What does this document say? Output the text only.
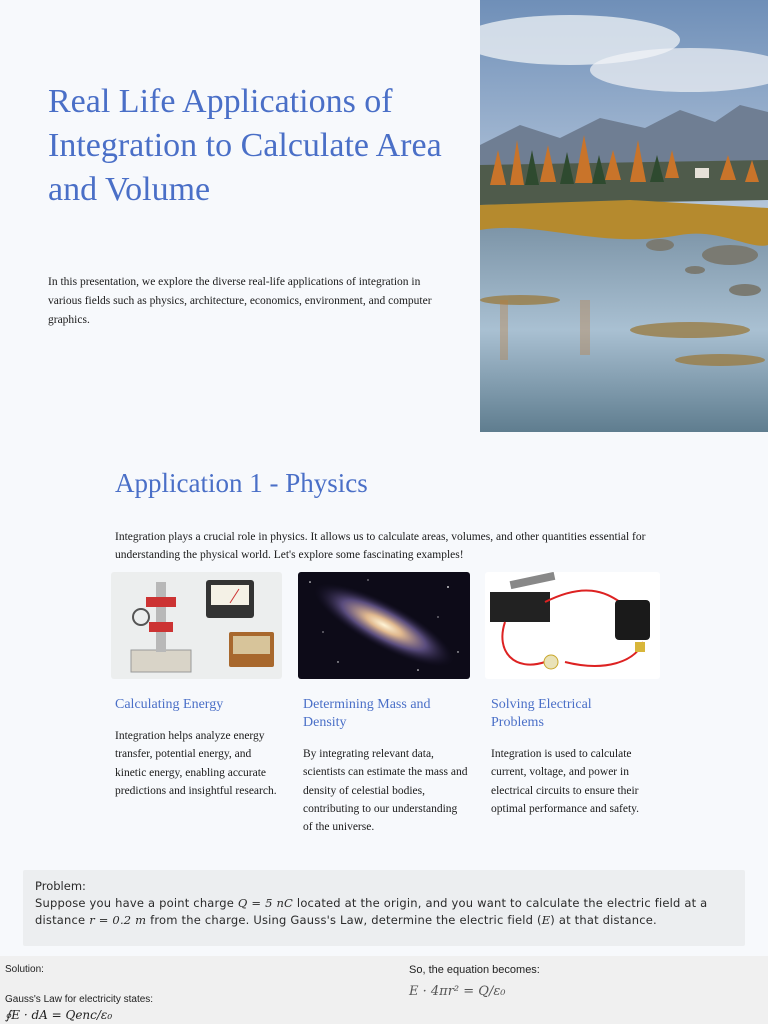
Real Life Applications of Integration to Calculate Area and Volume

In this presentation, we explore the diverse real-life applications of integration in various fields such as physics, architecture, economics, environment, and computer graphics.

Application 1 - Physics

Integration plays a crucial role in physics. It allows us to calculate areas, volumes, and other quantities essential for understanding the physical world. Let's explore some fascinating examples!

Calculating Energy

Integration helps analyze energy transfer, potential energy, and kinetic energy, enabling accurate predictions and insightful research.

Determining Mass and Density

By integrating relevant data, scientists can estimate the mass and density of celestial bodies, contributing to our understanding of the universe.

Solving Electrical Problems

Integration is used to calculate current, voltage, and power in electrical circuits to ensure their optimal performance and safety.

Problem:

Suppose you have a point charge Q = 5 nC located at the origin, and you want to calculate the electric field at a distance r = 0.2 m from the charge. Using Gauss's Law, determine the electric field (E) at that distance.

Solution:

Gauss's Law for electricity states:

∮E · dA = Qenc/ε₀

So, the equation becomes:

E · 4πr² = Q/ε₀
